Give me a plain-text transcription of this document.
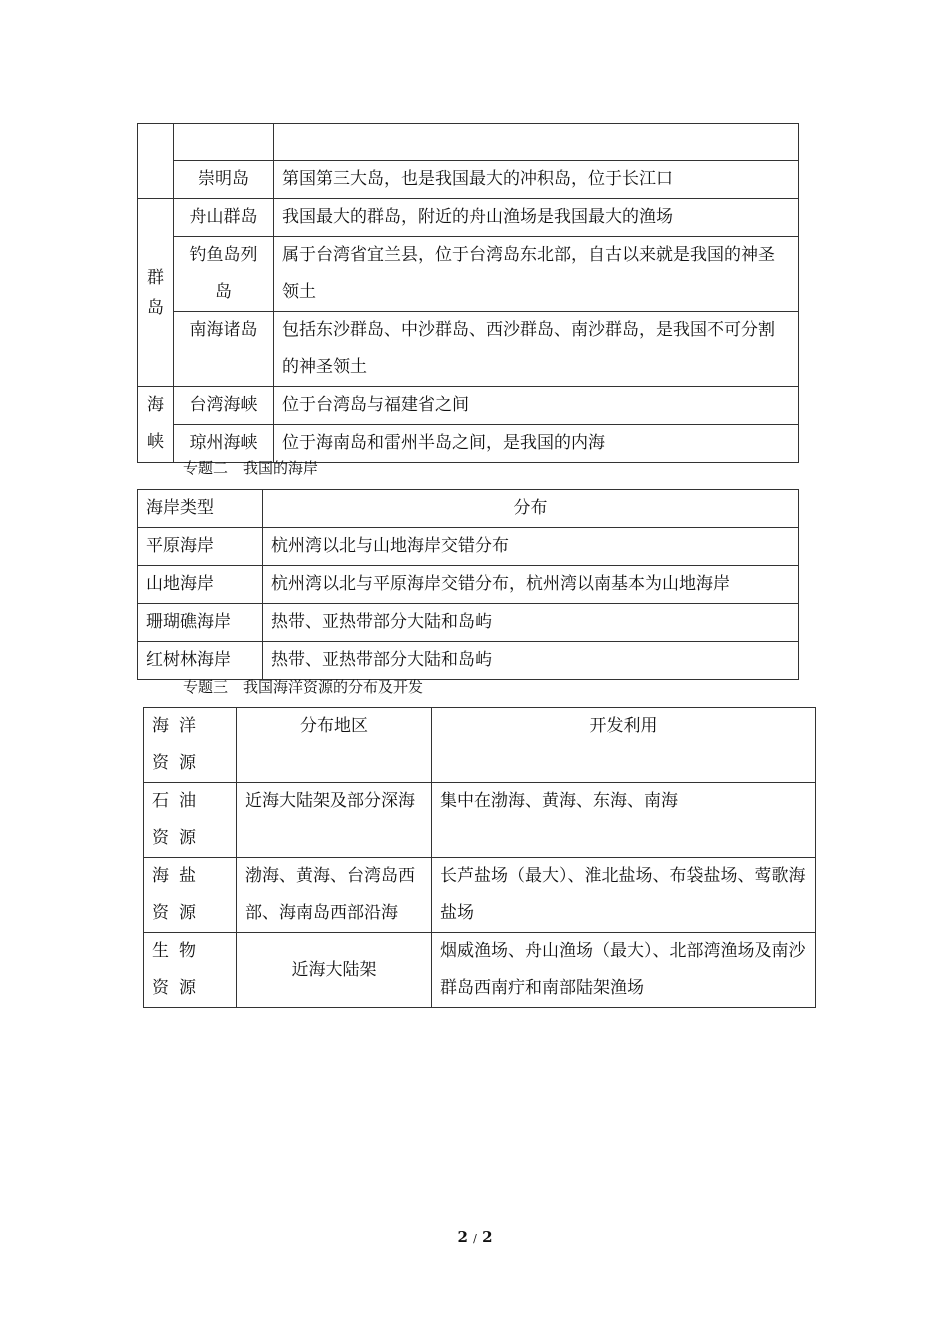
	崇明岛	第国第三大岛，也是我国最大的冲积岛，位于长江口
群岛	舟山群岛	我国最大的群岛，附近的舟山渔场是我国最大的渔场
	钓鱼岛列岛	属于台湾省宜兰县，位于台湾岛东北部，自古以来就是我国的神圣领土
	南海诸岛	包括东沙群岛、中沙群岛、西沙群岛、南沙群岛，是我国不可分割的神圣领土
海峡	台湾海峡	位于台湾岛与福建省之间
	琼州海峡	位于海南岛和雷州半岛之间，是我国的内海
专题二　我国的海岸
海岸类型	分布
平原海岸	杭州湾以北与山地海岸交错分布
山地海岸	杭州湾以北与平原海岸交错分布，杭州湾以南基本为山地海岸
珊瑚礁海岸	热带、亚热带部分大陆和岛屿
红树林海岸	热带、亚热带部分大陆和岛屿
专题三　我国海洋资源的分布及开发
海洋资源	分布地区	开发利用
石油资源	近海大陆架及部分深海	集中在渤海、黄海、东海、南海
海盐资源	渤海、黄海、台湾岛西部、海南岛西部沿海	长芦盐场（最大）、淮北盐场、布袋盐场、莺歌海盐场
生物资源	近海大陆架	烟威渔场、舟山渔场（最大）、北部湾渔场及南沙群岛西南疔和南部陆架渔场
2 / 2
